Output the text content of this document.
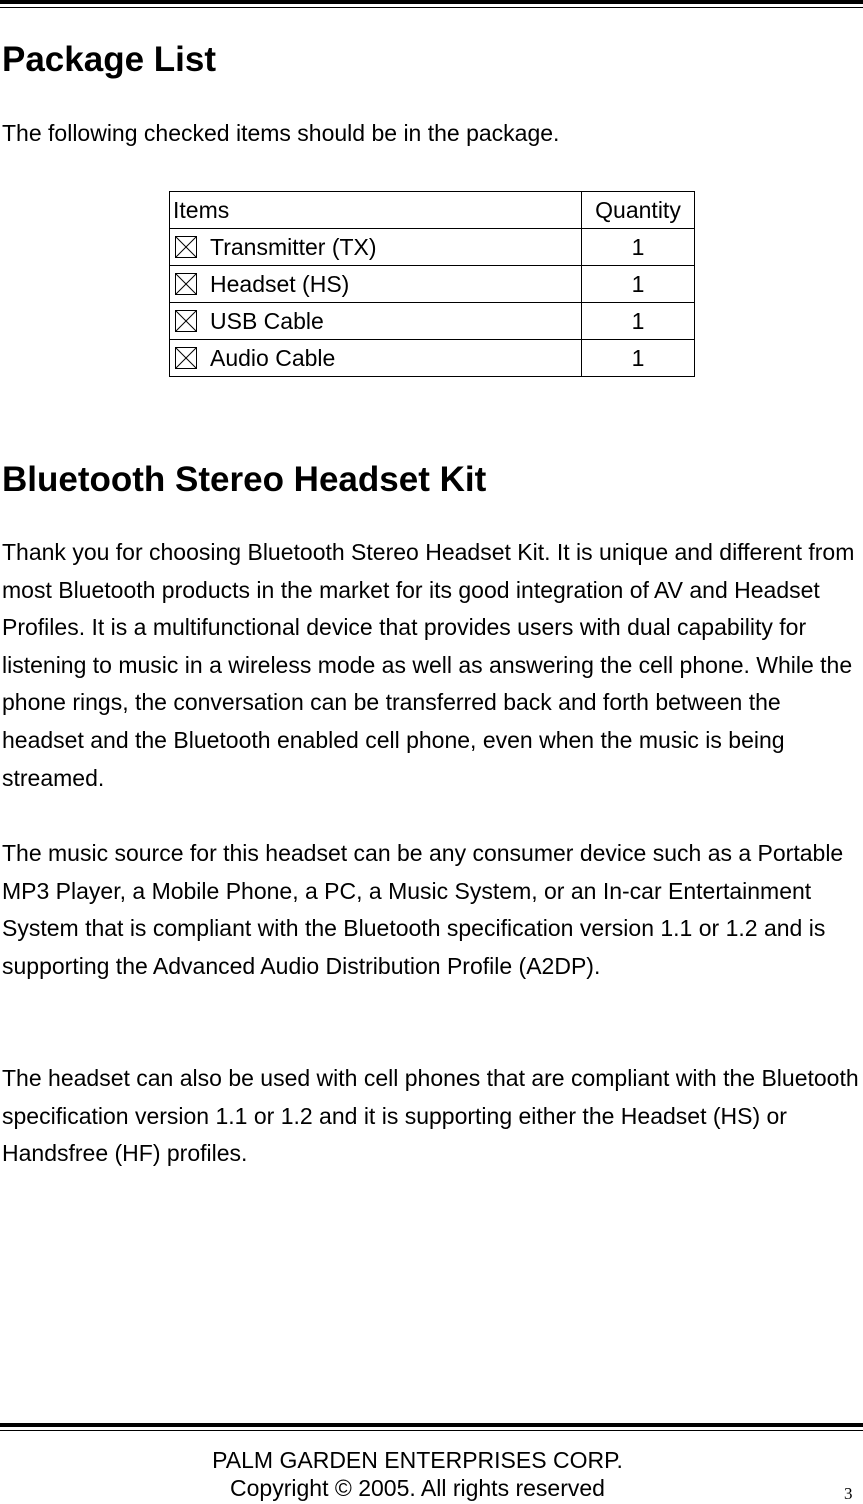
Package List

The following checked items should be in the package.

Items	Quantity
Transmitter (TX)	1
Headset (HS)	1
USB Cable	1
Audio Cable	1
Bluetooth Stereo Headset Kit

Thank you for choosing Bluetooth Stereo Headset Kit. It is unique and different from most Bluetooth products in the market for its good integration of AV and Headset Profiles. It is a multifunctional device that provides users with dual capability for listening to music in a wireless mode as well as answering the cell phone. While the phone rings, the conversation can be transferred back and forth between the headset and the Bluetooth enabled cell phone, even when the music is being streamed.

The music source for this headset can be any consumer device such as a Portable MP3 Player, a Mobile Phone, a PC, a Music System, or an In-car Entertainment System that is compliant with the Bluetooth specification version 1.1 or 1.2 and is supporting the Advanced Audio Distribution Profile (A2DP).

The headset can also be used with cell phones that are compliant with the Bluetooth specification version 1.1 or 1.2 and it is supporting either the Headset (HS) or Handsfree (HF) profiles.

PALM GARDEN ENTERPRISES CORP.
Copyright © 2005. All rights reserved	3
